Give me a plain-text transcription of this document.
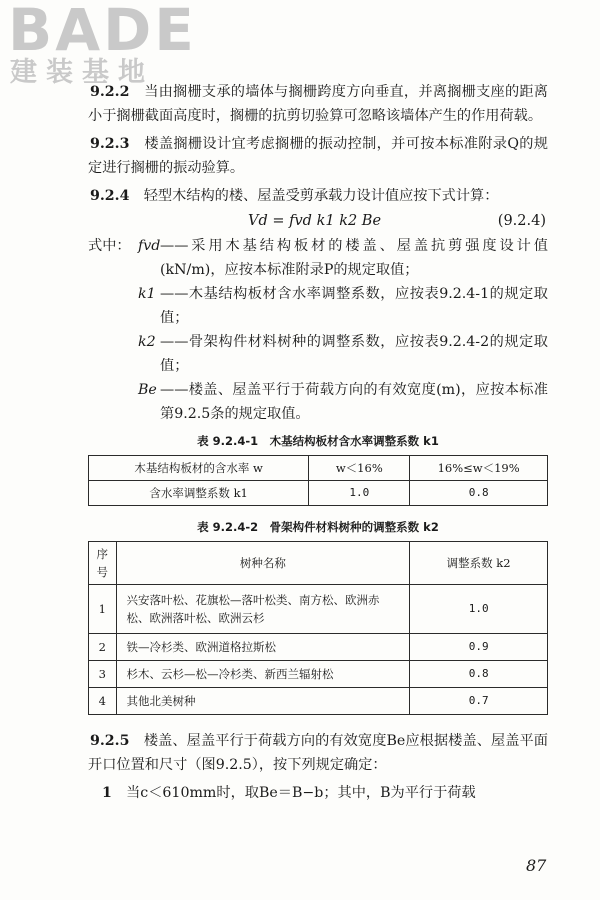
BADE
建装基地

9.2.2　 当由搁栅支承的墙体与搁栅跨度方向垂直，并离搁栅支座的距离小于搁栅截面高度时，搁栅的抗剪切验算可忽略该墙体产生的作用荷载。

9.2.3　 楼盖搁栅设计宜考虑搁栅的振动控制，并可按本标准附录Q的规定进行搁栅的振动验算。

9.2.4　 轻型木结构的楼、屋盖受剪承载力设计值应按下式计算：

Vd = fvd k1 k2 Be	(9.2.4)
式中： fvd ——采用木基结构板材的楼盖、屋盖抗剪强度设计值(kN/m)，应按本标准附录P的规定取值；
k1 ——木基结构板材含水率调整系数，应按表9.2.4-1的规定取值；
k2 ——骨架构件材料树种的调整系数，应按表9.2.4-2的规定取值；
Be ——楼盖、屋盖平行于荷载方向的有效宽度(m)，应按本标准第9.2.5条的规定取值。
表 9.2.4-1　木基结构板材含水率调整系数 k1
木基结构板材的含水率 w	w＜16%	16%≤w＜19%
含水率调整系数 k1	1.0	0.8
表 9.2.4-2　骨架构件材料树种的调整系数 k2
序号	树种名称	调整系数 k2
1	兴安落叶松、花旗松—落叶松类、南方松、欧洲赤松、欧洲落叶松、欧洲云杉	1.0
2	铁—冷杉类、欧洲道格拉斯松	0.9
3	杉木、云杉—松—冷杉类、新西兰辐射松	0.8
4	其他北美树种	0.7

9.2.5　 楼盖、屋盖平行于荷载方向的有效宽度Be应根据楼盖、屋盖平面开口位置和尺寸（图9.2.5），按下列规定确定：

1　 当c＜610mm时，取Be＝B−b；其中，B为平行于荷载

87
